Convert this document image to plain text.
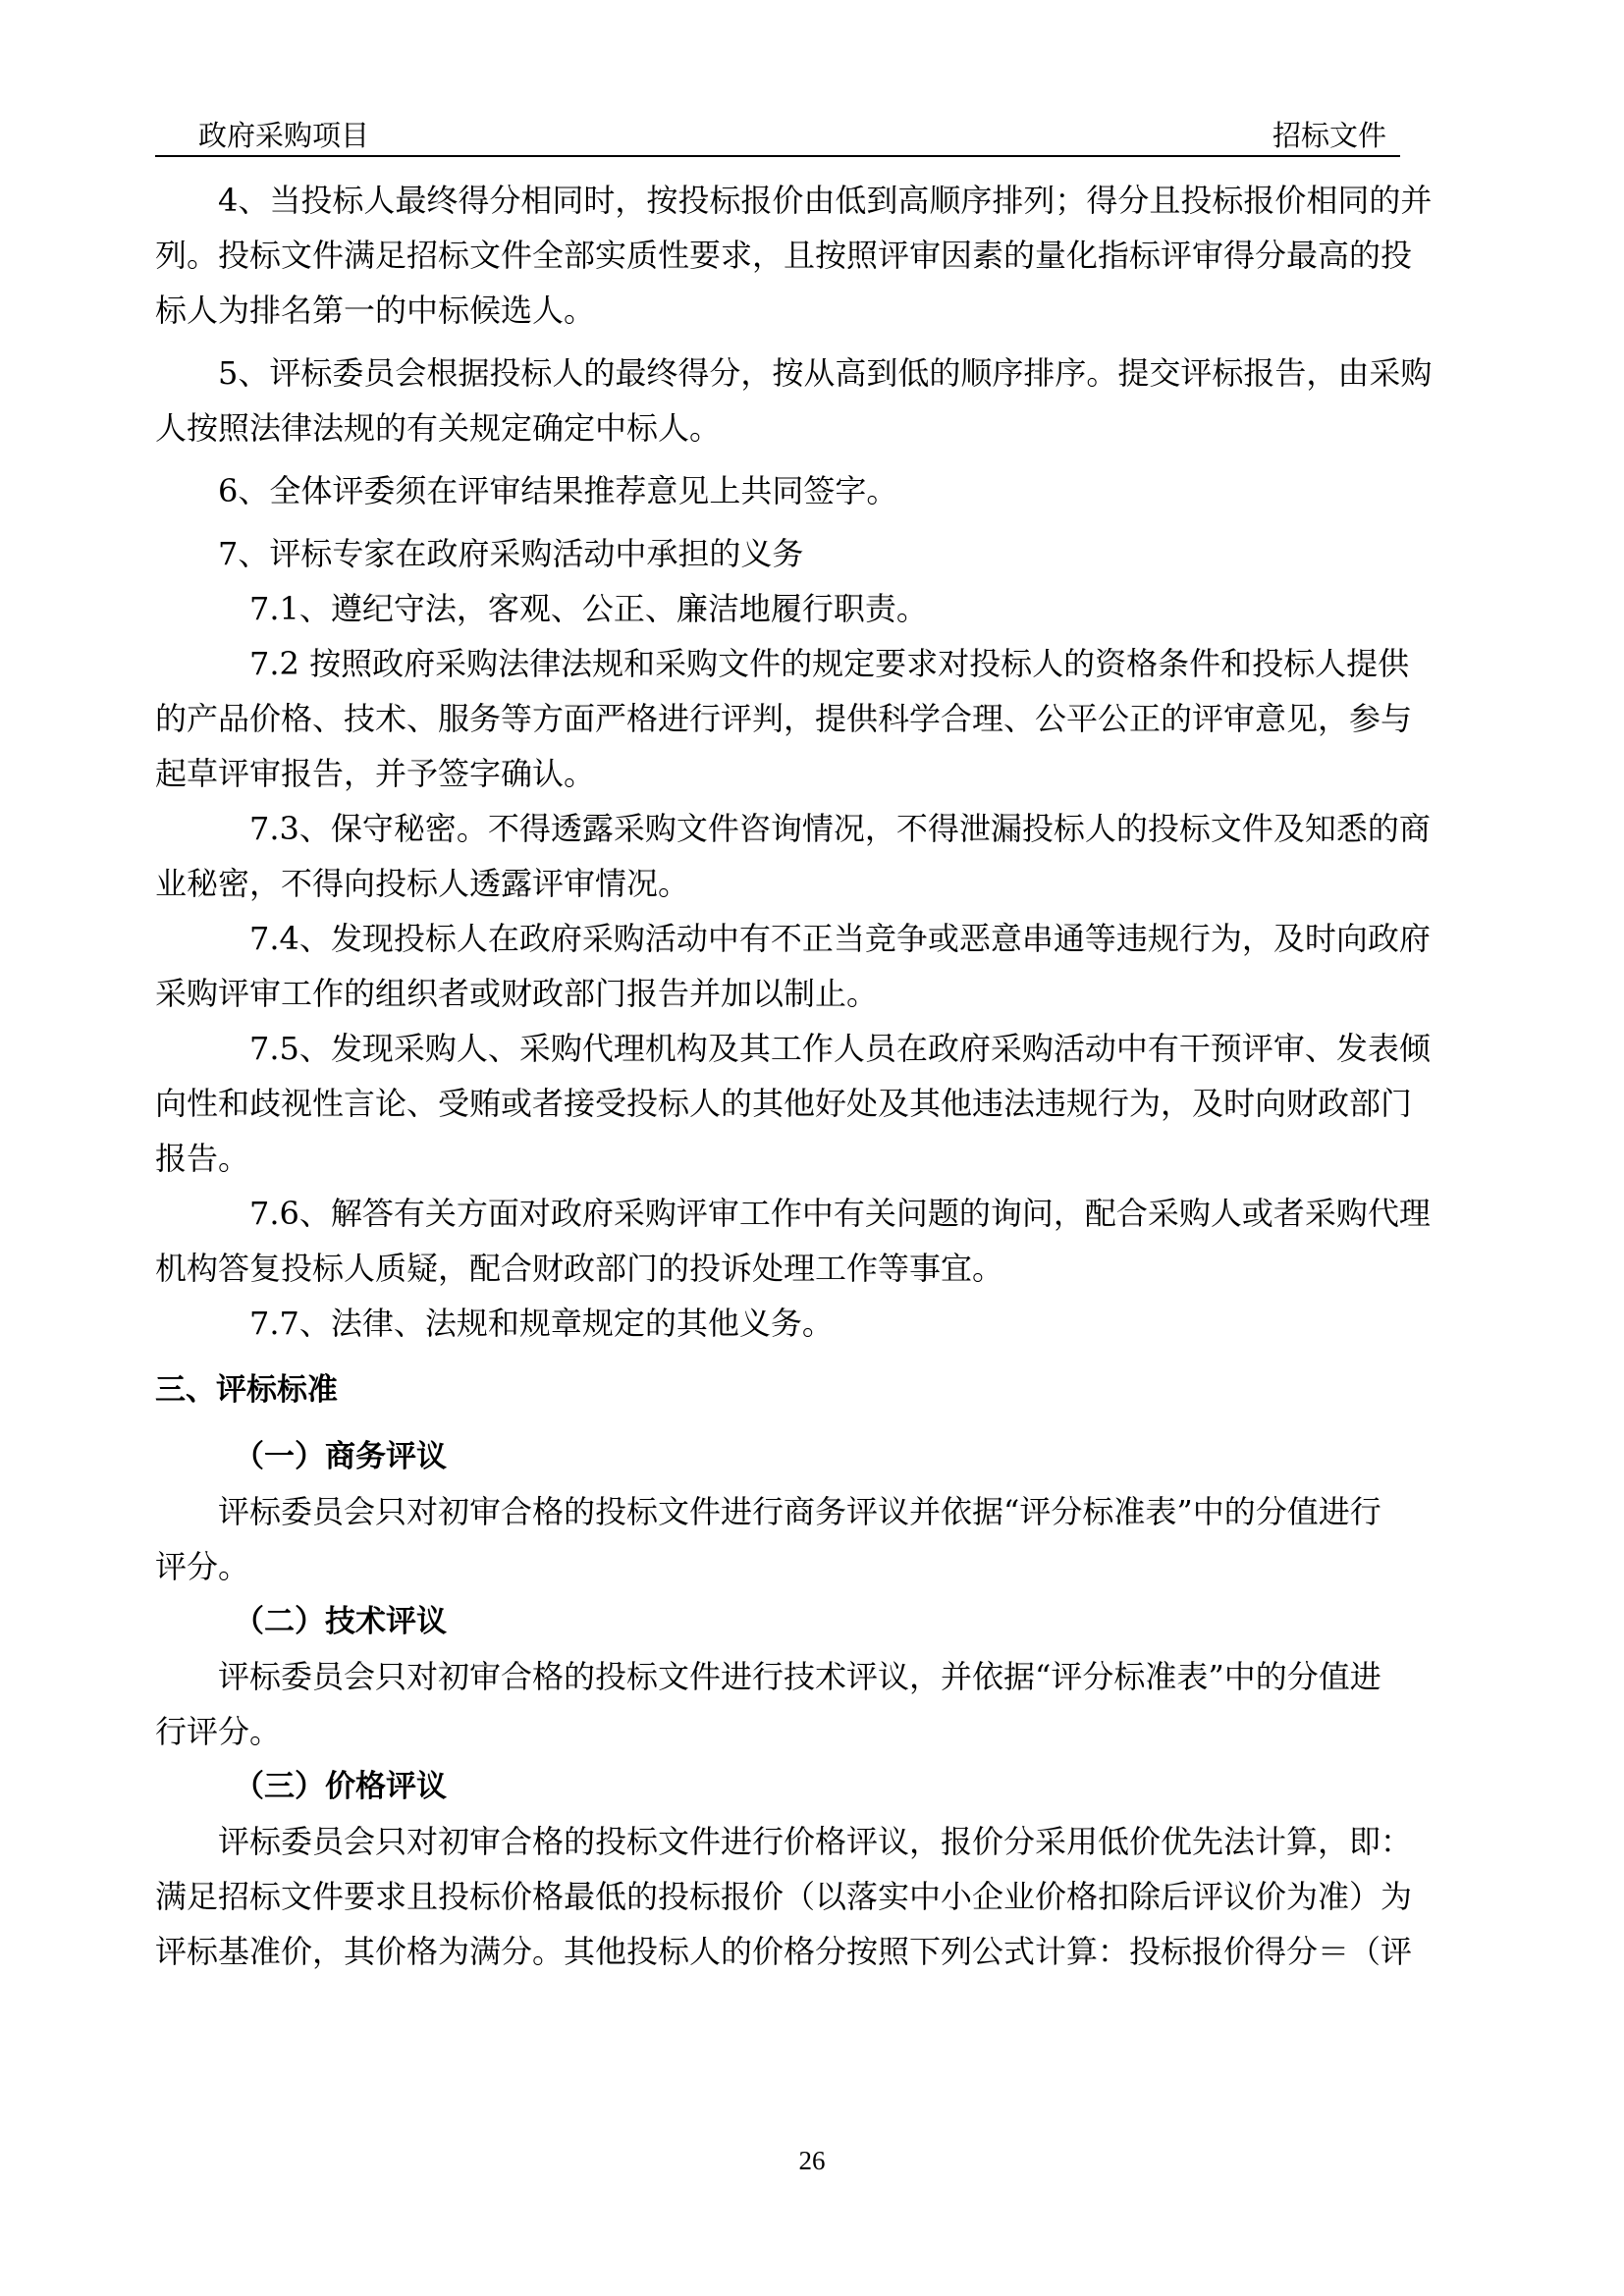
政府采购项目	招标文件
4、当投标人最终得分相同时，按投标报价由低到高顺序排列；得分且投标报价相同的并
列。投标文件满足招标文件全部实质性要求，且按照评审因素的量化指标评审得分最高的投
标人为排名第一的中标候选人。
5、评标委员会根据投标人的最终得分，按从高到低的顺序排序。提交评标报告，由采购
人按照法律法规的有关规定确定中标人。
6、全体评委须在评审结果推荐意见上共同签字。
7、评标专家在政府采购活动中承担的义务
7.1、遵纪守法，客观、公正、廉洁地履行职责。
7.2 按照政府采购法律法规和采购文件的规定要求对投标人的资格条件和投标人提供
的产品价格、技术、服务等方面严格进行评判，提供科学合理、公平公正的评审意见，参与
起草评审报告，并予签字确认。
7.3、保守秘密。不得透露采购文件咨询情况，不得泄漏投标人的投标文件及知悉的商
业秘密，不得向投标人透露评审情况。
7.4、发现投标人在政府采购活动中有不正当竞争或恶意串通等违规行为，及时向政府
采购评审工作的组织者或财政部门报告并加以制止。
7.5、发现采购人、采购代理机构及其工作人员在政府采购活动中有干预评审、发表倾
向性和歧视性言论、受贿或者接受投标人的其他好处及其他违法违规行为，及时向财政部门
报告。
7.6、解答有关方面对政府采购评审工作中有关问题的询问，配合采购人或者采购代理
机构答复投标人质疑，配合财政部门的投诉处理工作等事宜。
7.7、法律、法规和规章规定的其他义务。
三、评标标准
（一）商务评议
评标委员会只对初审合格的投标文件进行商务评议并依据“评分标准表”中的分值进行
评分。
（二）技术评议
评标委员会只对初审合格的投标文件进行技术评议，并依据“评分标准表”中的分值进
行评分。
（三）价格评议
评标委员会只对初审合格的投标文件进行价格评议，报价分采用低价优先法计算，即：
满足招标文件要求且投标价格最低的投标报价（以落实中小企业价格扣除后评议价为准）为
评标基准价，其价格为满分。其他投标人的价格分按照下列公式计算：投标报价得分＝（评
26
